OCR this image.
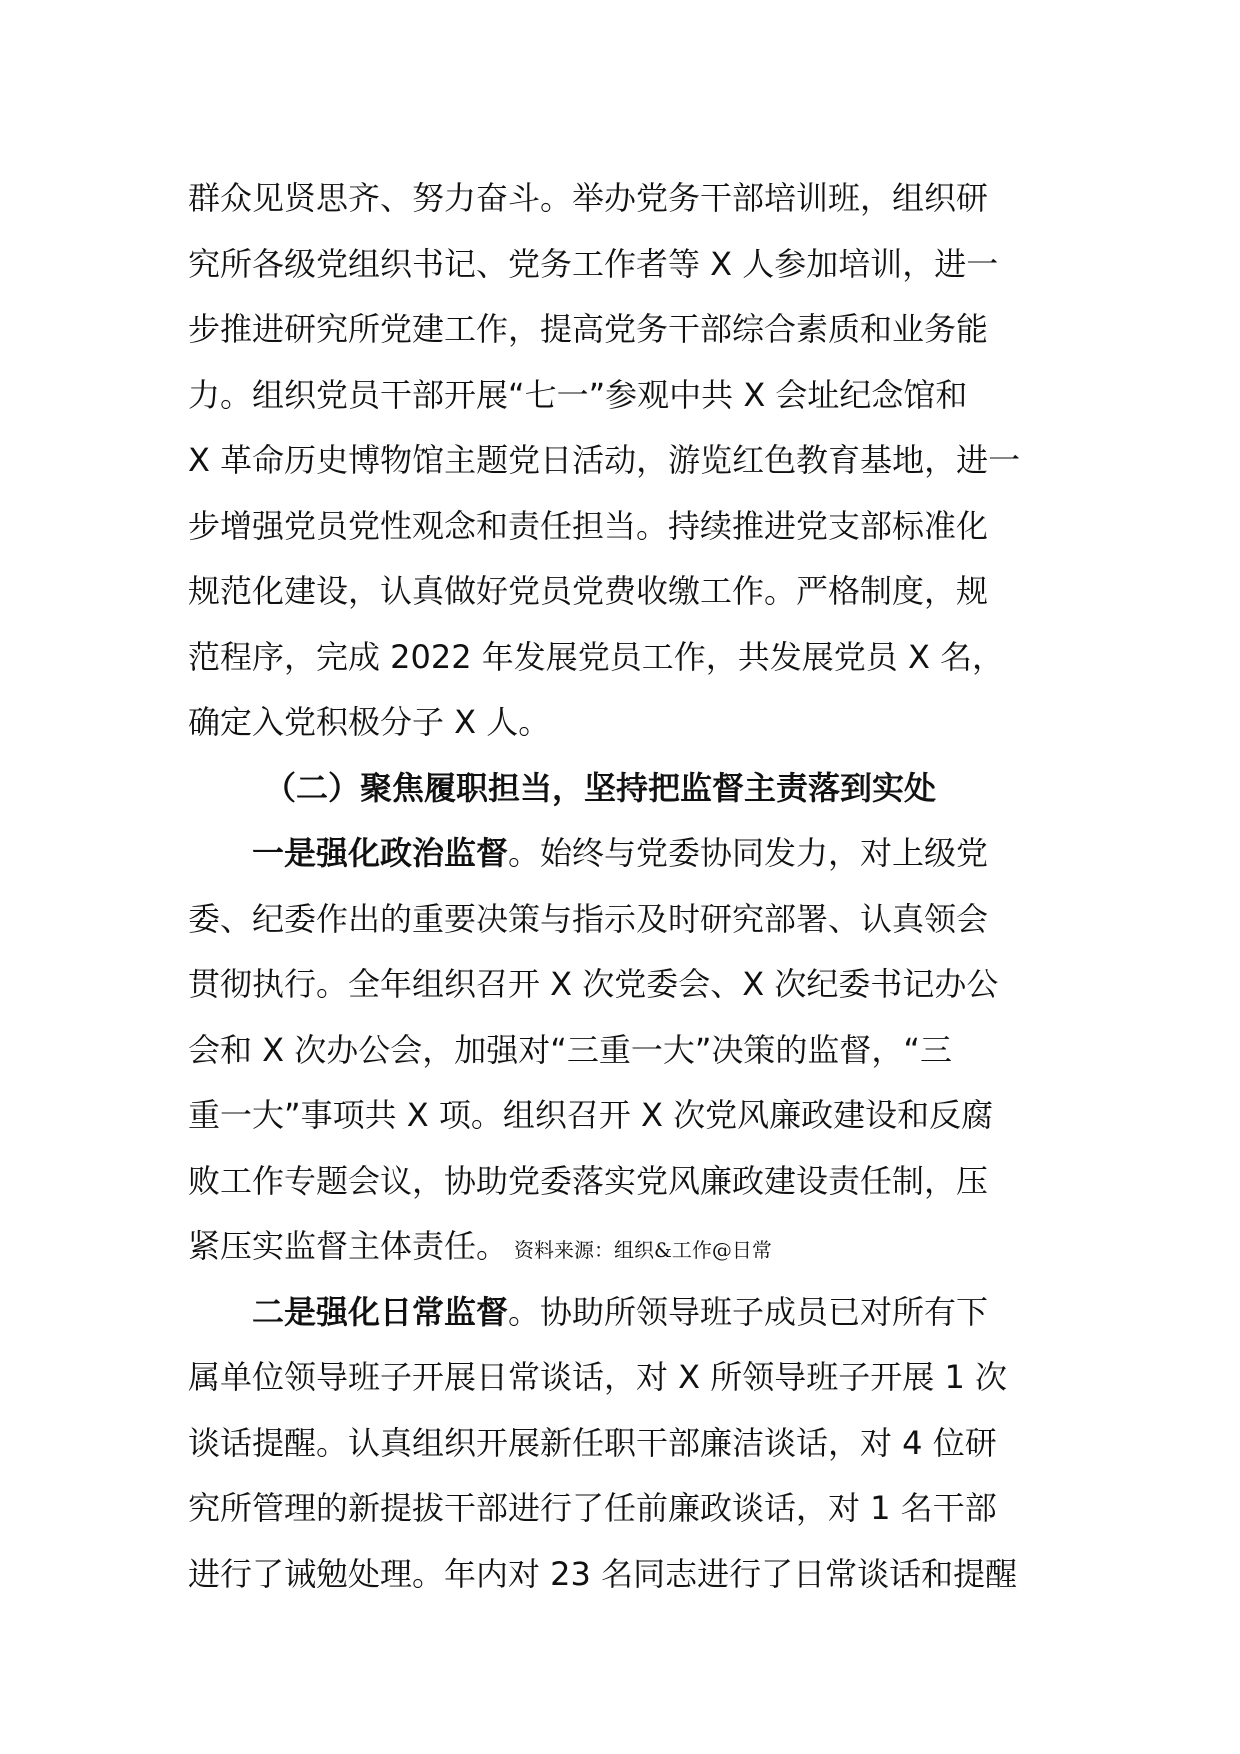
群众见贤思齐、努力奋斗。举办党务干部培训班，组织研
究所各级党组织书记、党务工作者等 X 人参加培训，进一
步推进研究所党建工作，提高党务干部综合素质和业务能
力。组织党员干部开展“七一”参观中共 X 会址纪念馆和
X 革命历史博物馆主题党日活动，游览红色教育基地，进一
步增强党员党性观念和责任担当。持续推进党支部标准化
规范化建设，认真做好党员党费收缴工作。严格制度，规
范程序，完成 2022 年发展党员工作，共发展党员 X 名，
确定入党积极分子 X 人。
（二）聚焦履职担当，坚持把监督主责落到实处
一是强化政治监督。始终与党委协同发力，对上级党
委、纪委作出的重要决策与指示及时研究部署、认真领会
贯彻执行。全年组织召开 X 次党委会、X 次纪委书记办公
会和 X 次办公会，加强对“三重一大”决策的监督，“三
重一大”事项共 X 项。组织召开 X 次党风廉政建设和反腐
败工作专题会议，协助党委落实党风廉政建设责任制，压
紧压实监督主体责任。 资料来源：组织&工作@日常
二是强化日常监督。协助所领导班子成员已对所有下
属单位领导班子开展日常谈话，对 X 所领导班子开展 1 次
谈话提醒。认真组织开展新任职干部廉洁谈话，对 4 位研
究所管理的新提拔干部进行了任前廉政谈话，对 1 名干部
进行了诫勉处理。年内对 23 名同志进行了日常谈话和提醒
